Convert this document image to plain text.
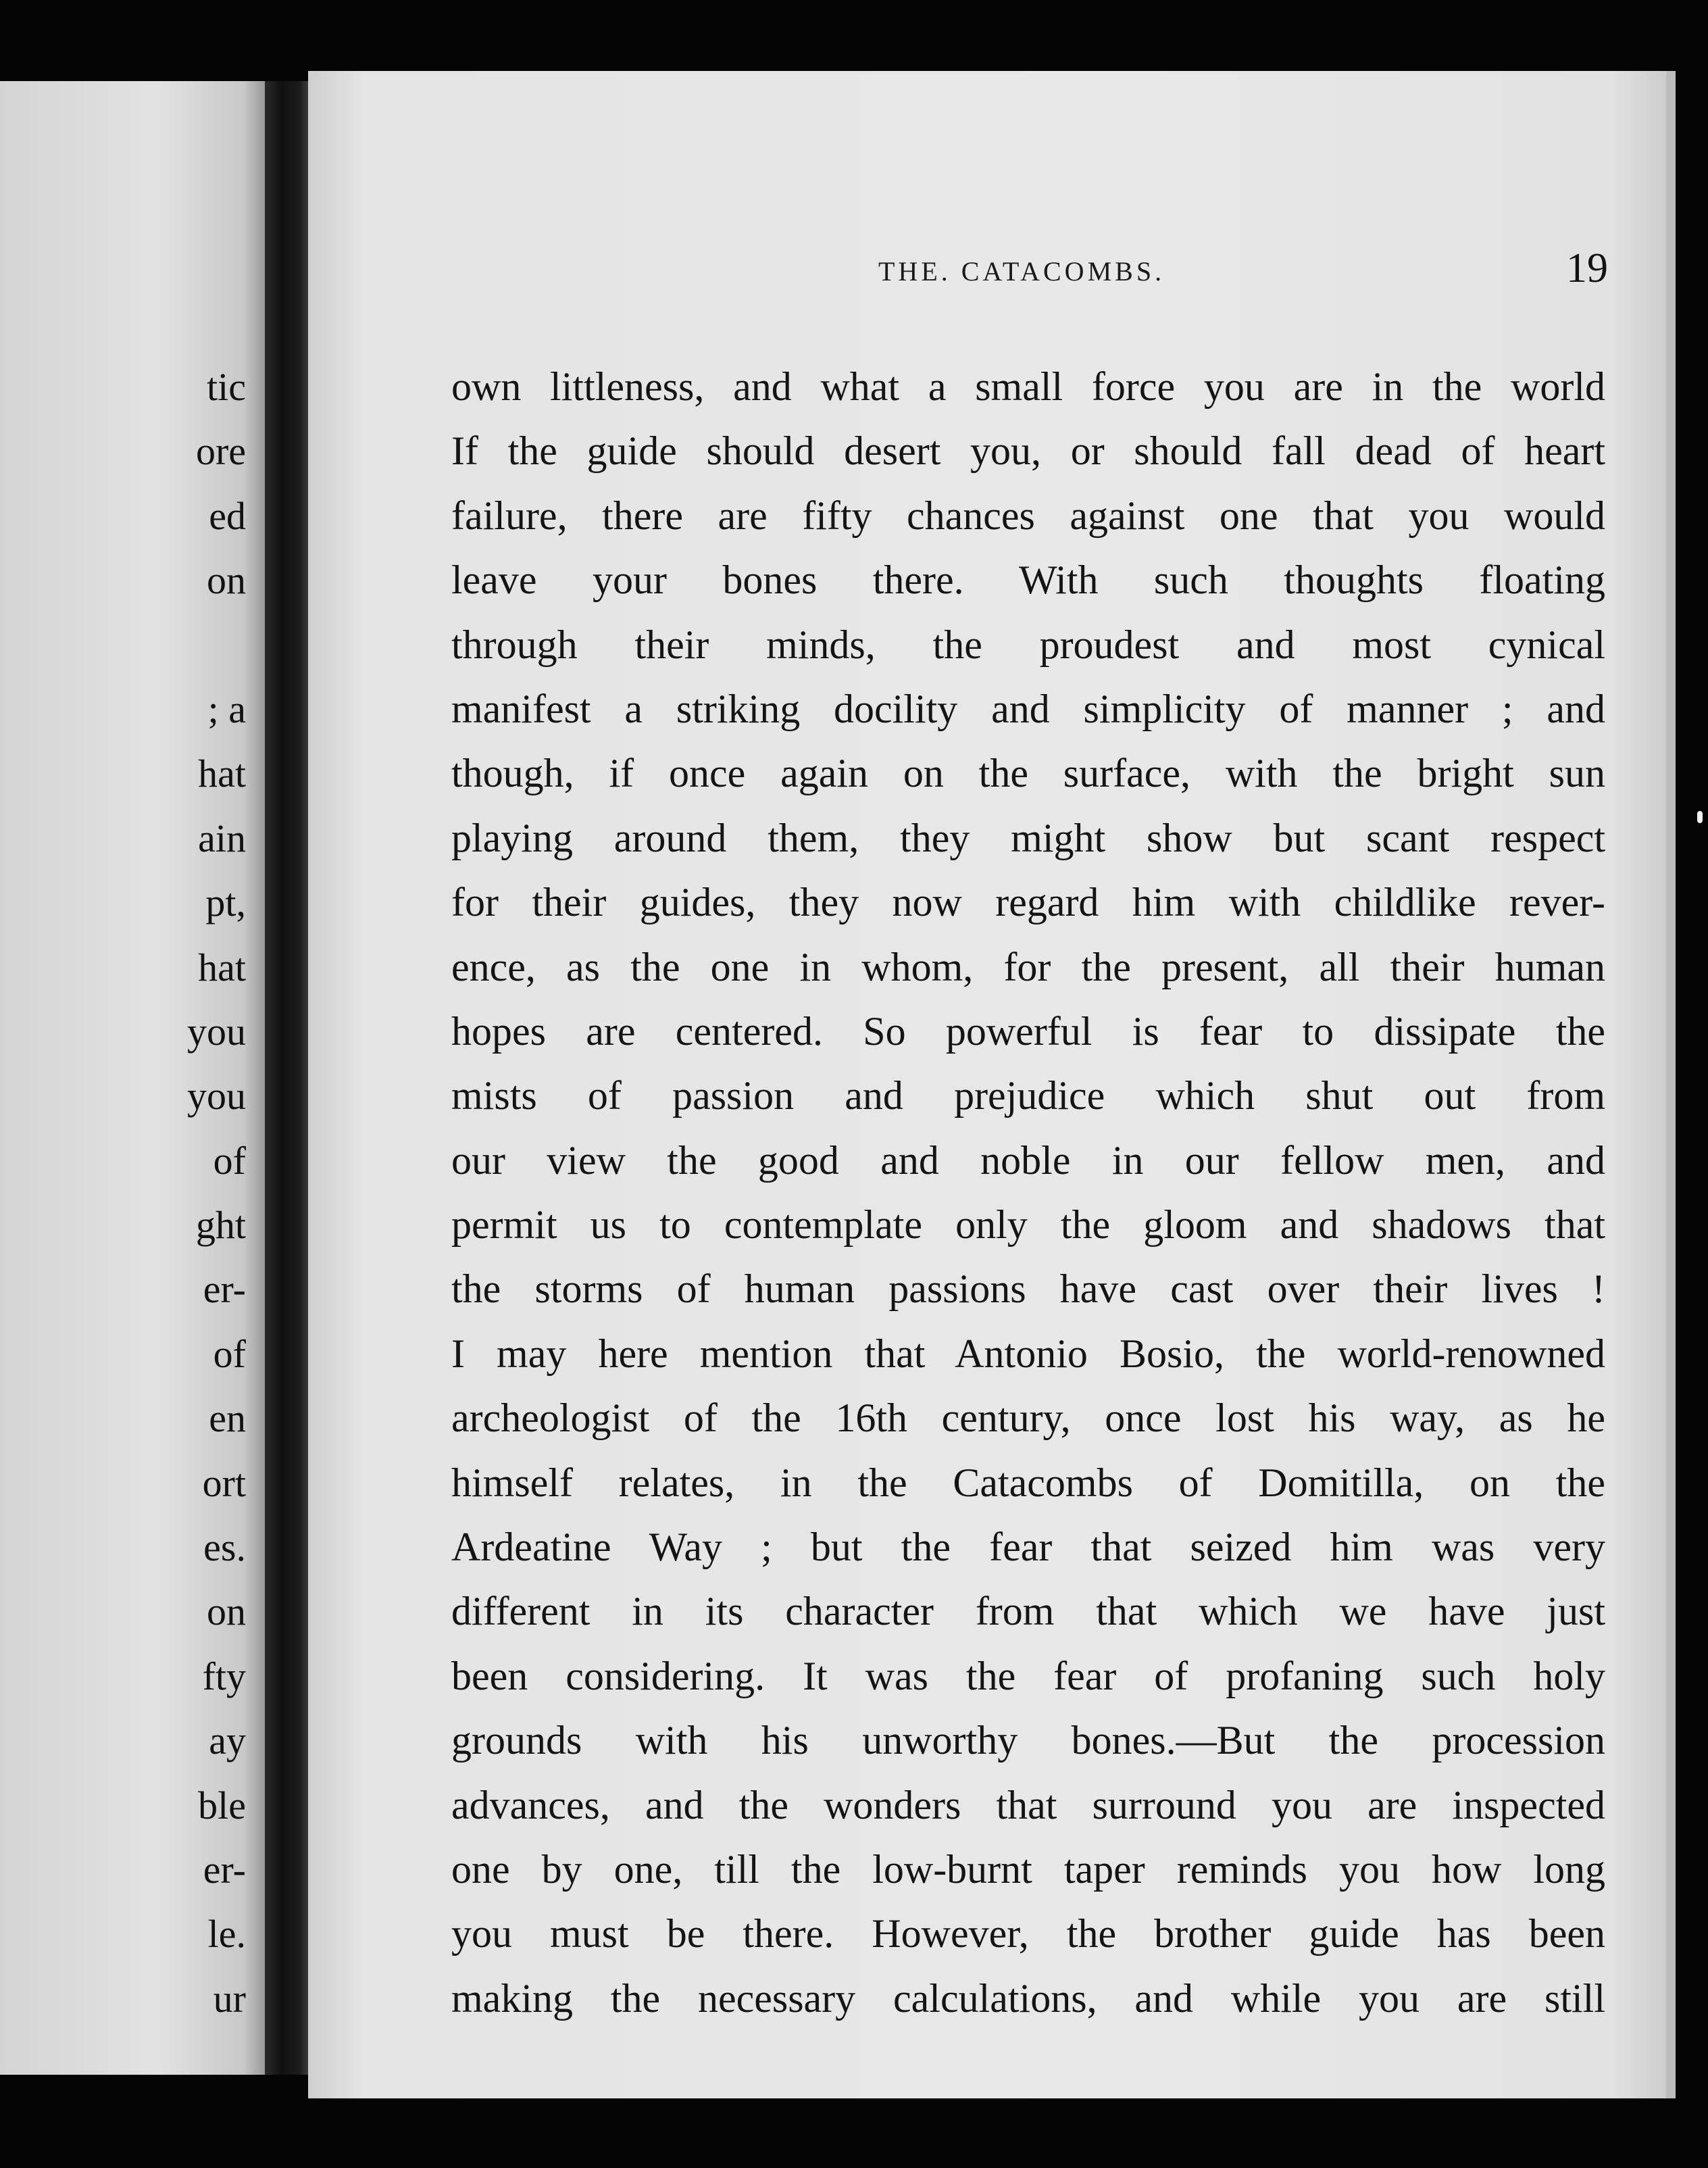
tic
ore
ed
on
; a
hat
ain
pt,
hat
you
you
of
ght
er-
of
en
ort
es.
on
fty
ay
ble
er-
le.
ur
THE. CATACOMBS.	19
own littleness, and what a small force you are in the world
If the guide should desert you, or should fall dead of heart
failure, there are fifty chances against one that you would
leave your bones there. With such thoughts floating
through their minds, the proudest and most cynical
manifest a striking docility and simplicity of manner ; and
though, if once again on the surface, with the bright sun
playing around them, they might show but scant respect
for their guides, they now regard him with childlike rever-
ence, as the one in whom, for the present, all their human
hopes are centered. So powerful is fear to dissipate the
mists of passion and prejudice which shut out from
our view the good and noble in our fellow men, and
permit us to contemplate only the gloom and shadows that
the storms of human passions have cast over their lives !
I may here mention that Antonio Bosio, the world-renowned
archeologist of the 16th century, once lost his way, as he
himself relates, in the Catacombs of Domitilla, on the
Ardeatine Way ; but the fear that seized him was very
different in its character from that which we have just
been considering. It was the fear of profaning such holy
grounds with his unworthy bones.—But the procession
advances, and the wonders that surround you are inspected
one by one, till the low-burnt taper reminds you how long
you must be there. However, the brother guide has been
making the necessary calculations, and while you are still
